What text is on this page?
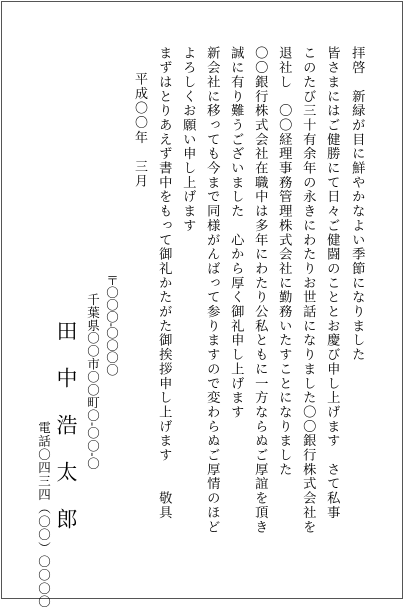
拝啓　新緑が目に鮮やかなよい季節になりました
皆さまにはご健勝にて日々ご健闘のこととお慶び申し上げます　さて私事
このたび三十有余年の永きにわたりお世話になりました〇〇銀行株式会社を
退社し　〇〇経理事務管理株式会社に勤務いたすことになりました
〇〇銀行株式会社在職中は多年にわたり公私ともに一方ならぬご厚誼を頂き
誠に有り難うございました　心から厚く御礼申し上げます
新会社に移っても今まで同様がんばって参りますので変わらぬご厚情のほど
よろしくお願い申し上げます
まずはとりあえず書中をもって御礼かたがた御挨拶申し上げます　　敬具
平成〇〇年　三月
〒〇〇〇-〇〇〇〇
千葉県〇〇市〇〇町〇-〇〇-〇
田中浩太郎
電話〇四三四（〇〇）〇〇〇〇
